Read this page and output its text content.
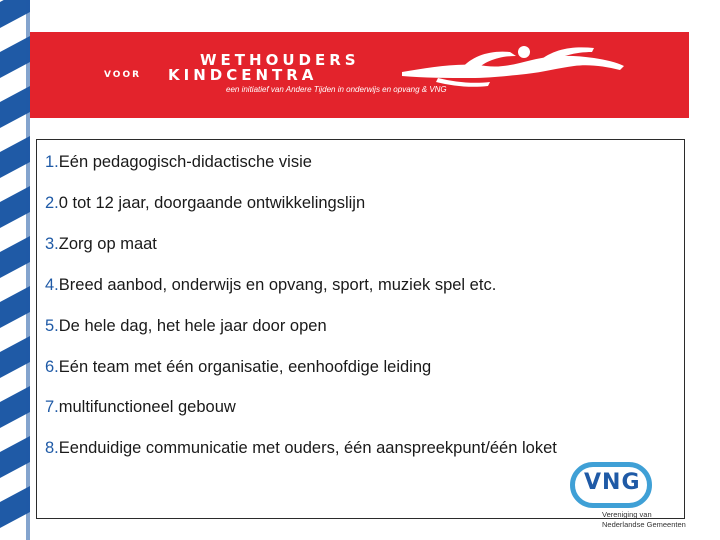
WETHOUDERS
VOOR KINDCENTRA
een initiatief van Andere Tijden in onderwijs en opvang & VNG
1.Eén pedagogisch-didactische visie
2.0 tot 12 jaar, doorgaande ontwikkelingslijn
3.Zorg op maat
4.Breed aanbod, onderwijs en opvang, sport, muziek spel etc.
5.De hele dag, het hele jaar door open
6.Eén team met één organisatie, eenhoofdige leiding
7.multifunctioneel gebouw
8.Eenduidige communicatie met ouders, één aanspreekpunt/één loket
VNG
Vereniging van
Nederlandse Gemeenten
